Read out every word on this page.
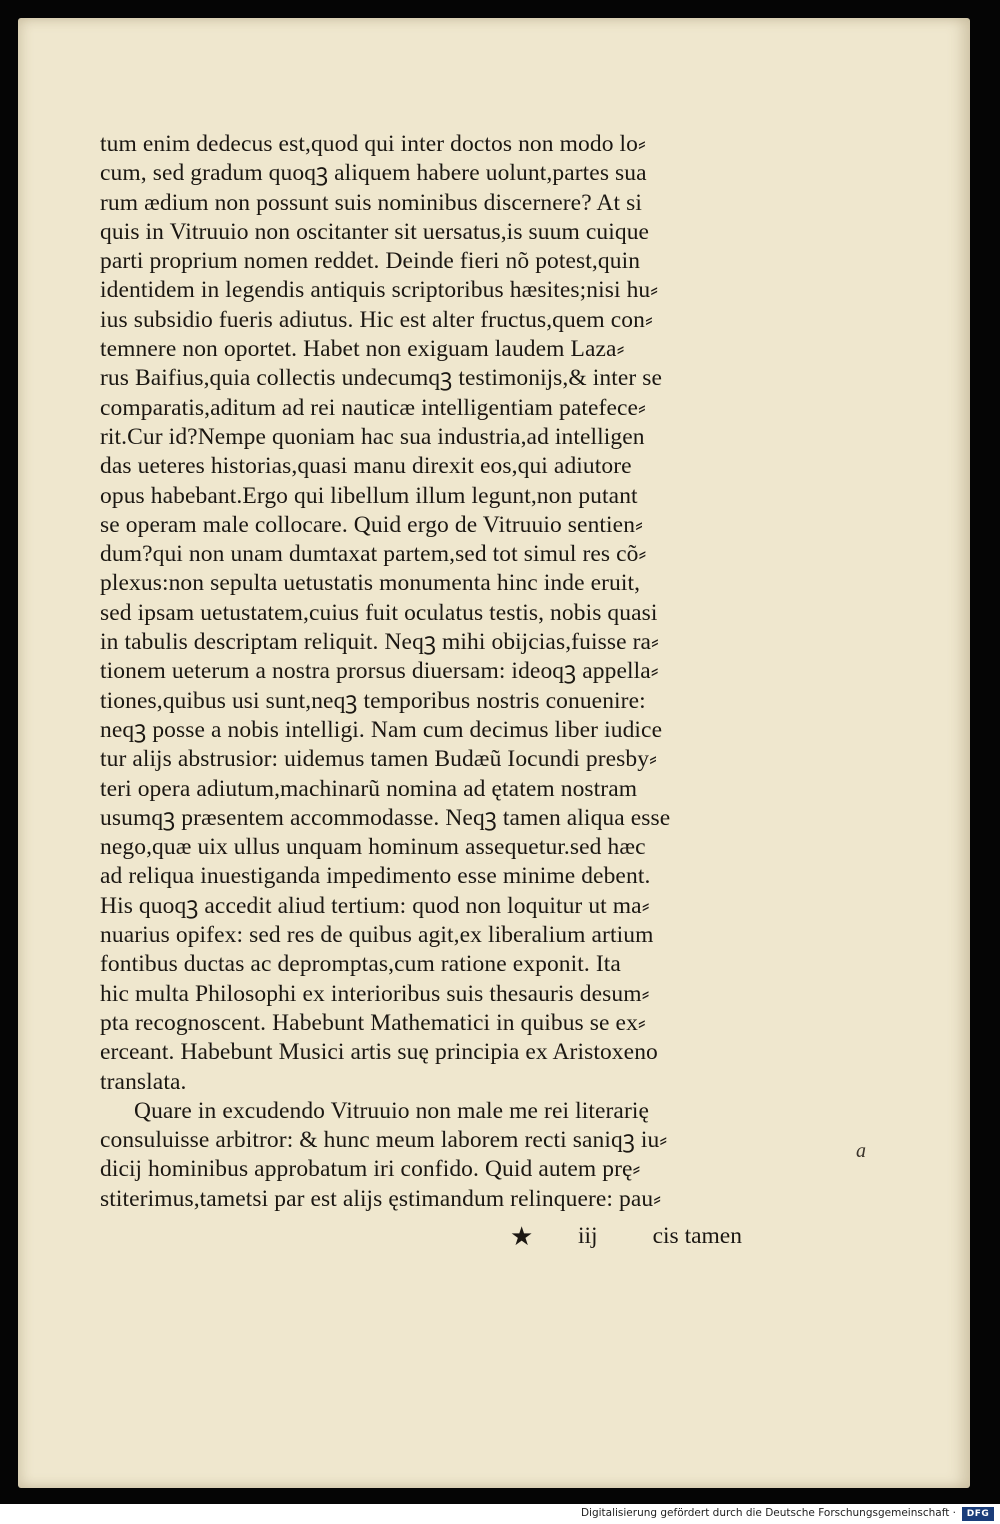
tum enim dedecus est,quod qui inter doctos non modo lo⸗
cum, sed gradum quoqꝫ aliquem habere uolunt,partes sua
rum ædium non possunt suis nominibus discernere? At si
quis in Vitruuio non oscitanter sit uersatus,is suum cuique
parti proprium nomen reddet. Deinde fieri nõ potest,quin
identidem in legendis antiquis scriptoribus hæsites;nisi hu⸗
ius subsidio fueris adiutus. Hic est alter fructus,quem con⸗
temnere non oportet. Habet non exiguam laudem Laza⸗
rus Baifius,quia collectis undecumqꝫ testimonĳs,& inter se
comparatis,aditum ad rei nauticæ intelligentiam patefece⸗
rit.Cur id?Nempe quoniam hac sua industria,ad intelligen
das ueteres historias,quasi manu direxit eos,qui adiutore
opus habebant.Ergo qui libellum illum legunt,non putant
se operam male collocare. Quid ergo de Vitruuio sentien⸗
dum?qui non unam dumtaxat partem,sed tot simul res cõ⸗
plexus:non sepulta uetustatis monumenta hinc inde eruit,
sed ipsam uetustatem,cuius fuit oculatus testis, nobis quasi
in tabulis descriptam reliquit. Neqꝫ mihi obĳcias,fuisse ra⸗
tionem ueterum a nostra prorsus diuersam: ideoqꝫ appella⸗
tiones,quibus usi sunt,neqꝫ temporibus nostris conuenire:
neqꝫ posse a nobis intelligi. Nam cum decimus liber iudice
tur alĳs abstrusior: uidemus tamen Budæũ Iocundi presby⸗
teri opera adiutum,machinarũ nomina ad ętatem nostram
usumqꝫ præsentem accommodasse. Neqꝫ tamen aliqua esse
nego,quæ uix ullus unquam hominum assequetur.sed hæc
ad reliqua inuestiganda impedimento esse minime debent.
His quoqꝫ accedit aliud tertium: quod non loquitur ut ma⸗
nuarius opifex: sed res de quibus agit,ex liberalium artium
fontibus ductas ac depromptas,cum ratione exponit. Ita
hic multa Philosophi ex interioribus suis thesauris desum⸗
pta recognoscent. Habebunt Mathematici in quibus se ex⸗
erceant. Habebunt Musici artis suę principia ex Aristoxeno
translata.
Quare in excudendo Vitruuio non male me rei literarię
consuluisse arbitror: & hunc meum laborem recti saniqꝫ iu⸗
dicĳ hominibus approbatum iri confido. Quid autem prę⸗
stiterimus,tametsi par est alĳs ęstimandum relinquere: pau⸗
a
★ iij cis tamen
Digitalisierung gefördert durch die Deutsche Forschungsgemeinschaft ·	DFG
